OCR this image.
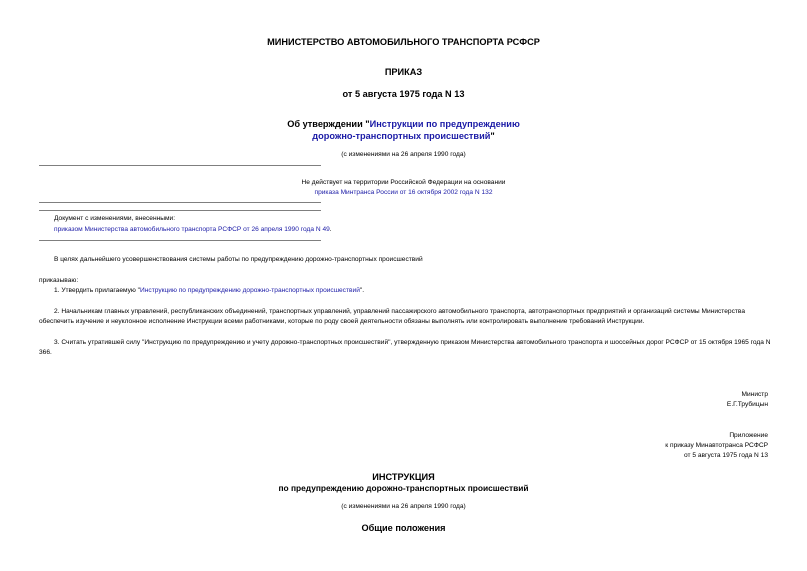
МИНИСТЕРСТВО АВТОМОБИЛЬНОГО ТРАНСПОРТА РСФСР
ПРИКАЗ
от 5 августа 1975 года N 13
Об утверждении "Инструкции по предупреждению
дорожно-транспортных происшествий"
(с изменениями на 26 апреля 1990 года)
Не действует на территории Российской Федерации на основании
приказа Минтранса России от 16 октября 2002 года N 132
Документ с изменениями, внесенными:
приказом Министерства автомобильного транспорта РСФСР от 26 апреля 1990 года N 49.
В целях дальнейшего усовершенствования системы работы по предупреждению дорожно-транспортных происшествий
приказываю:
1. Утвердить прилагаемую "Инструкцию по предупреждению дорожно-транспортных происшествий".

2. Начальникам главных управлений, республиканских объединений, транспортных управлений, управлений пассажирского автомобильного транспорта, автотранспортных предприятий и организаций системы Министерства обеспечить изучение и неуклонное исполнение Инструкции всеми работниками, которые по роду своей деятельности обязаны выполнять или контролировать выполнение требований Инструкции.

3. Считать утратившей силу "Инструкцию по предупреждению и учету дорожно-транспортных происшествий", утвержденную приказом Министерства автомобильного транспорта и шоссейных дорог РСФСР от 15 октября 1965 года N 366.

Министр
Е.Г.Трубицын
Приложение
к приказу Минавтотранса РСФСР
от 5 августа 1975 года N 13
ИНСТРУКЦИЯ
по предупреждению дорожно-транспортных происшествий
(с изменениями на 26 апреля 1990 года)
Общие положения
